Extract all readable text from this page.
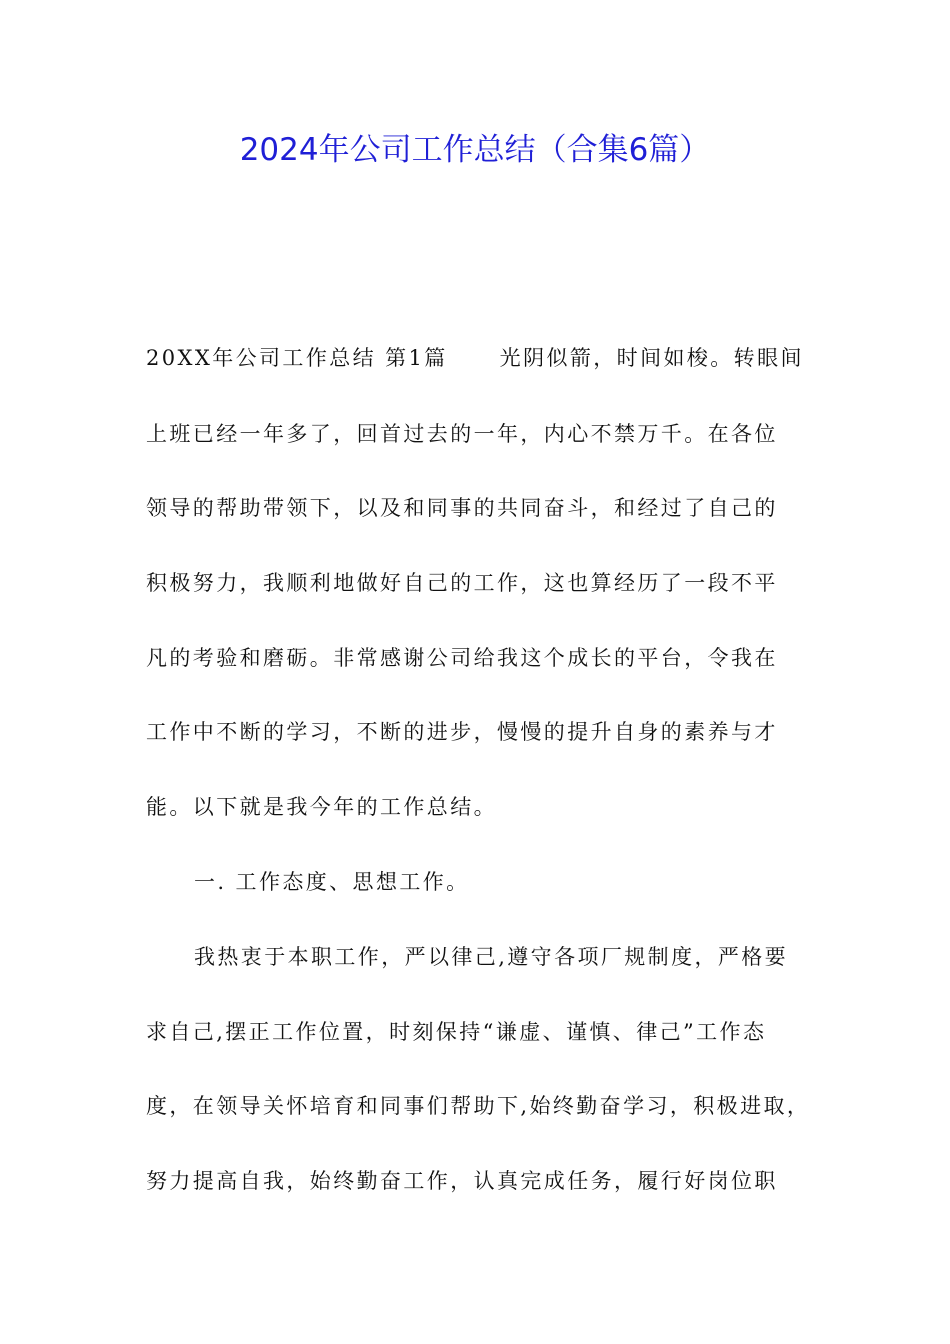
2024年公司工作总结（合集6篇）
20XX年公司工作总结 第1篇 光阴似箭，时间如梭。转眼间
上班已经一年多了，回首过去的一年，内心不禁万千。在各位
领导的帮助带领下，以及和同事的共同奋斗，和经过了自己的
积极努力，我顺利地做好自己的工作，这也算经历了一段不平
凡的考验和磨砺。非常感谢公司给我这个成长的平台，令我在
工作中不断的学习，不断的进步，慢慢的提升自身的素养与才
能。以下就是我今年的工作总结。
一. 工作态度、思想工作。
我热衷于本职工作，严以律己,遵守各项厂规制度，严格要
求自己,摆正工作位置，时刻保持“谦虚、谨慎、律己”工作态
度，在领导关怀培育和同事们帮助下,始终勤奋学习，积极进取，
努力提高自我，始终勤奋工作，认真完成任务，履行好岗位职
